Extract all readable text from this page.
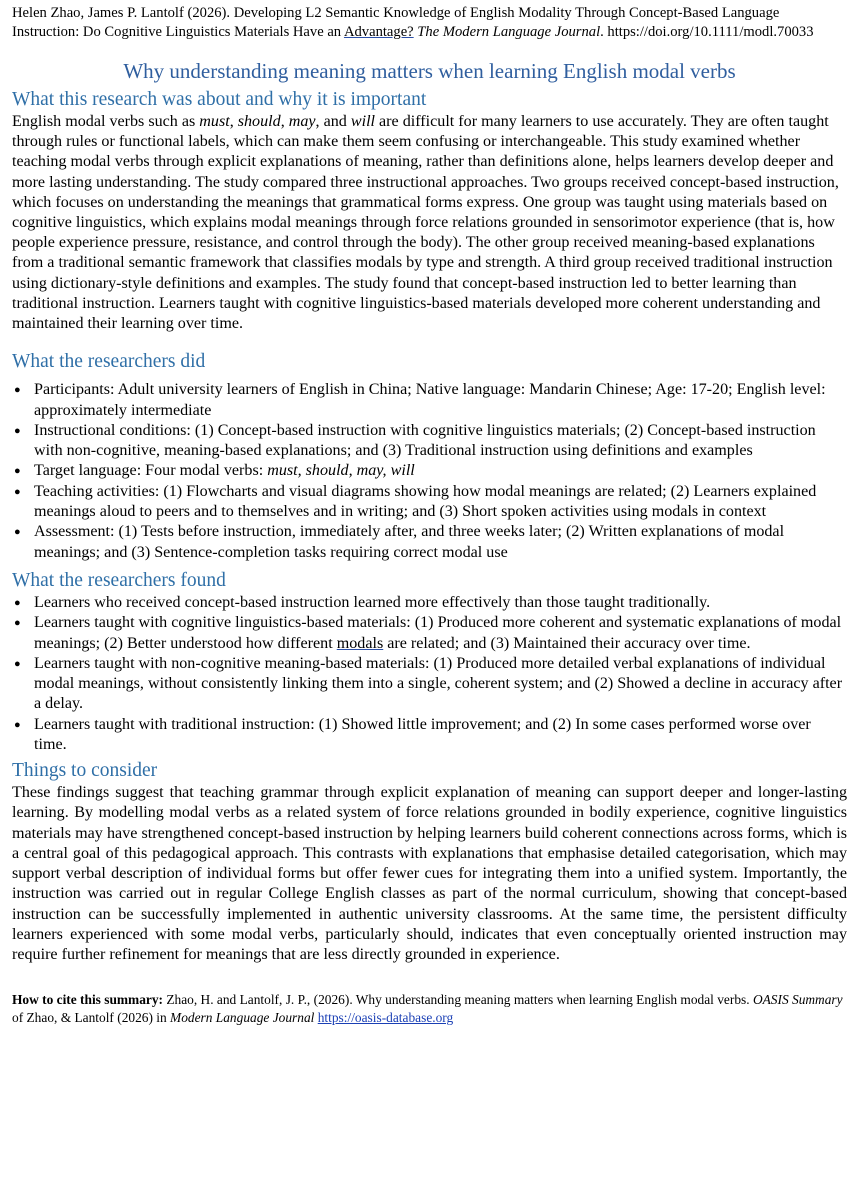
Helen Zhao, James P. Lantolf (2026). Developing L2 Semantic Knowledge of English Modality Through Concept-Based Language Instruction: Do Cognitive Linguistics Materials Have an Advantage? The Modern Language Journal. https://doi.org/10.1111/modl.70033

Why understanding meaning matters when learning English modal verbs
What this research was about and why it is important

English modal verbs such as must, should, may, and will are difficult for many learners to use accurately. They are often taught through rules or functional labels, which can make them seem confusing or interchangeable. This study examined whether teaching modal verbs through explicit explanations of meaning, rather than definitions alone, helps learners develop deeper and more lasting understanding. The study compared three instructional approaches. Two groups received concept-based instruction, which focuses on understanding the meanings that grammatical forms express. One group was taught using materials based on cognitive linguistics, which explains modal meanings through force relations grounded in sensorimotor experience (that is, how people experience pressure, resistance, and control through the body). The other group received meaning-based explanations from a traditional semantic framework that classifies modals by type and strength. A third group received traditional instruction using dictionary-style definitions and examples. The study found that concept-based instruction led to better learning than traditional instruction. Learners taught with cognitive linguistics-based materials developed more coherent understanding and maintained their learning over time.

What the researchers did
● Participants: Adult university learners of English in China; Native language: Mandarin Chinese; Age: 17-20; English level: approximately intermediate
● Instructional conditions: (1) Concept-based instruction with cognitive linguistics materials; (2) Concept-based instruction with non-cognitive, meaning-based explanations; and (3) Traditional instruction using definitions and examples
● Target language: Four modal verbs: must, should, may, will
● Teaching activities: (1) Flowcharts and visual diagrams showing how modal meanings are related; (2) Learners explained meanings aloud to peers and to themselves and in writing; and (3) Short spoken activities using modals in context
● Assessment: (1) Tests before instruction, immediately after, and three weeks later; (2) Written explanations of modal meanings; and (3) Sentence-completion tasks requiring correct modal use
What the researchers found
● Learners who received concept-based instruction learned more effectively than those taught traditionally.
● Learners taught with cognitive linguistics-based materials: (1) Produced more coherent and systematic explanations of modal meanings; (2) Better understood how different modals are related; and (3) Maintained their accuracy over time.
● Learners taught with non-cognitive meaning-based materials: (1) Produced more detailed verbal explanations of individual modal meanings, without consistently linking them into a single, coherent system; and (2) Showed a decline in accuracy after a delay.
● Learners taught with traditional instruction: (1) Showed little improvement; and (2) In some cases performed worse over time.
Things to consider

These findings suggest that teaching grammar through explicit explanation of meaning can support deeper and longer-lasting learning. By modelling modal verbs as a related system of force relations grounded in bodily experience, cognitive linguistics materials may have strengthened concept-based instruction by helping learners build coherent connections across forms, which is a central goal of this pedagogical approach. This contrasts with explanations that emphasise detailed categorisation, which may support verbal description of individual forms but offer fewer cues for integrating them into a unified system. Importantly, the instruction was carried out in regular College English classes as part of the normal curriculum, showing that concept-based instruction can be successfully implemented in authentic university classrooms. At the same time, the persistent difficulty learners experienced with some modal verbs, particularly should, indicates that even conceptually oriented instruction may require further refinement for meanings that are less directly grounded in experience.

How to cite this summary: Zhao, H. and Lantolf, J. P., (2026). Why understanding meaning matters when learning English modal verbs. OASIS Summary of Zhao, & Lantolf (2026) in Modern Language Journal https://oasis-database.org
